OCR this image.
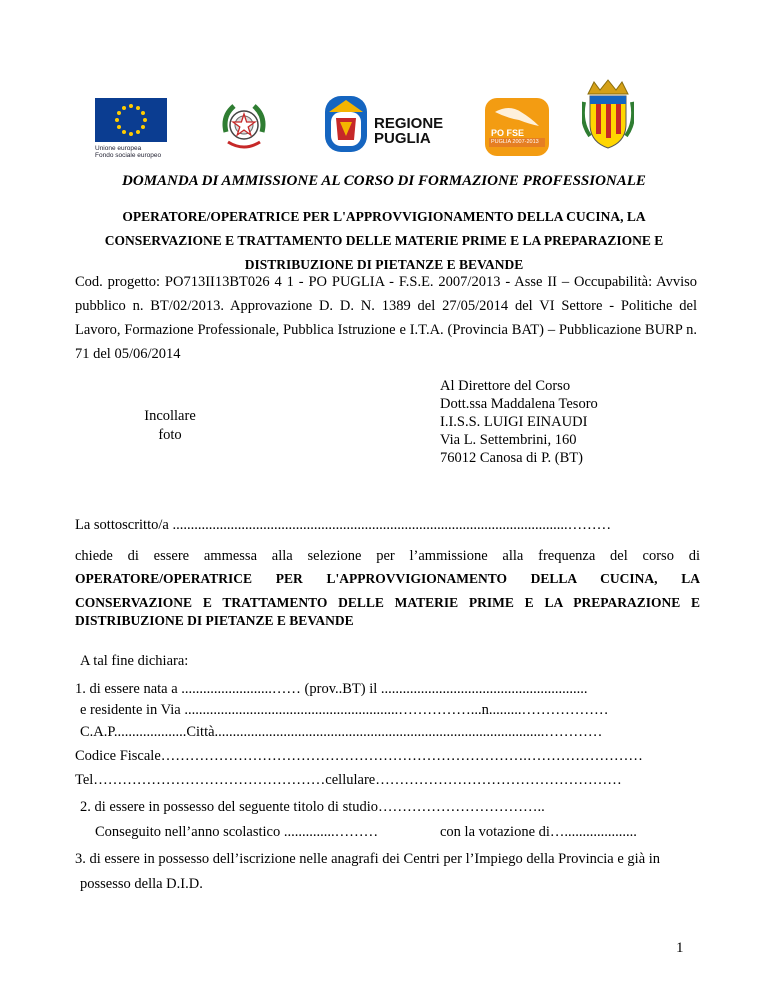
Unione europea
Fondo sociale europeo
REGIONE
PUGLIA	PO FSE
PUGLIA 2007-2013
DOMANDA DI AMMISSIONE AL CORSO DI FORMAZIONE PROFESSIONALE
OPERATORE/OPERATRICE PER L'APPROVVIGIONAMENTO DELLA CUCINA, LA
CONSERVAZIONE E TRATTAMENTO DELLE MATERIE PRIME E LA PREPARAZIONE E
DISTRIBUZIONE DI PIETANZE E BEVANDE
Cod. progetto: PO713II13BT026 4 1 - PO PUGLIA - F.S.E. 2007/2013 - Asse II – Occupabilità: Avviso pubblico n. BT/02/2013. Approvazione D. D. N. 1389 del 27/05/2014 del VI Settore - Politiche del Lavoro, Formazione Professionale, Pubblica Istruzione e I.T.A. (Provincia BAT) – Pubblicazione BURP n. 71 del 05/06/2014
Incollare
foto
Al Direttore del Corso
Dott.ssa Maddalena Tesoro
I.I.S.S. LUIGI EINAUDI
Via L. Settembrini, 160
76012 Canosa di P. (BT)
La sottoscritto/a .............................................................................................................………
chiede di essere ammessa alla selezione per l’ammissione alla frequenza del corso di
OPERATORE/OPERATRICE PER L'APPROVVIGIONAMENTO DELLA CUCINA, LA
CONSERVAZIONE E TRATTAMENTO DELLE MATERIE PRIME E LA PREPARAZIONE E
DISTRIBUZIONE DI PIETANZE E BEVANDE
A tal fine dichiara:
1. di essere nata a .........................…… (prov..BT) il .........................................................
e residente in Via ...........................................................……………...n.........………………
C.A.P....................Città...........................................................................................…………
Codice Fiscale………………………………………………………………….……………………
Tel…………………………………………cellulare……………………………………………
2. di essere in possesso del seguente titolo di studio……………………………..
Conseguito nell’anno scolastico ..............………	con la votazione di…....................
3. di essere in possesso dell’iscrizione nelle anagrafi dei Centri per l’Impiego della Provincia e già in
possesso della D.I.D.
1
